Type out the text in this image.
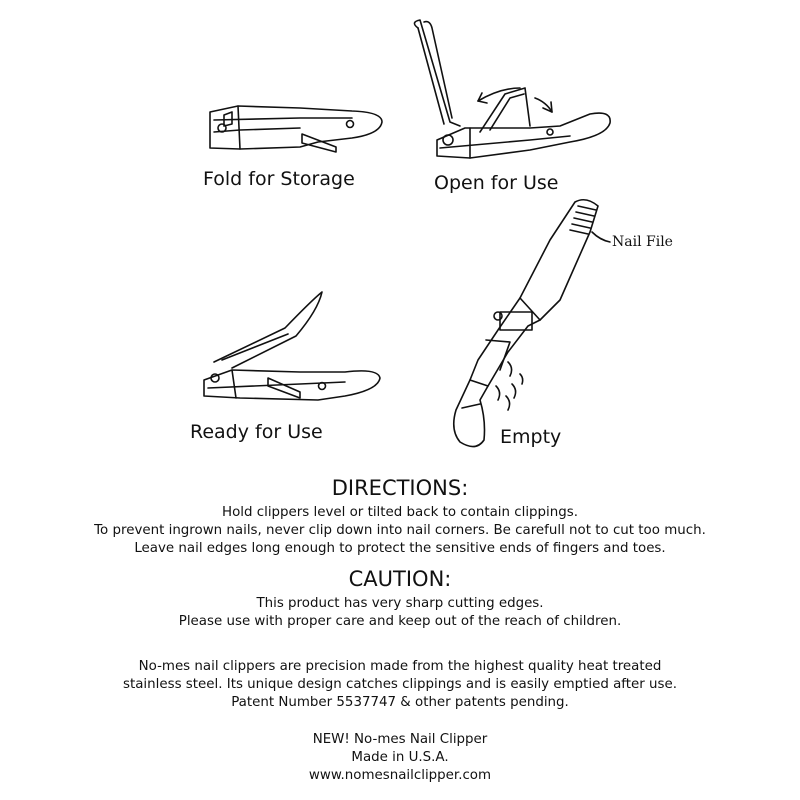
Fold for Storage	Open for Use
Ready for Use	Empty
Nail File

DIRECTIONS:

Hold clippers level or tilted back to contain clippings.

To prevent ingrown nails, never clip down into nail corners. Be carefull not to cut too much.

Leave nail edges long enough to protect the sensitive ends of fingers and toes.

CAUTION:

This product has very sharp cutting edges.

Please use with proper care and keep out of the reach of children.

No-mes nail clippers are precision made from the highest quality heat treated

stainless steel. Its unique design catches clippings and is easily emptied after use.

Patent Number 5537747 & other patents pending.

NEW! No-mes Nail Clipper

Made in U.S.A.

www.nomesnailclipper.com
